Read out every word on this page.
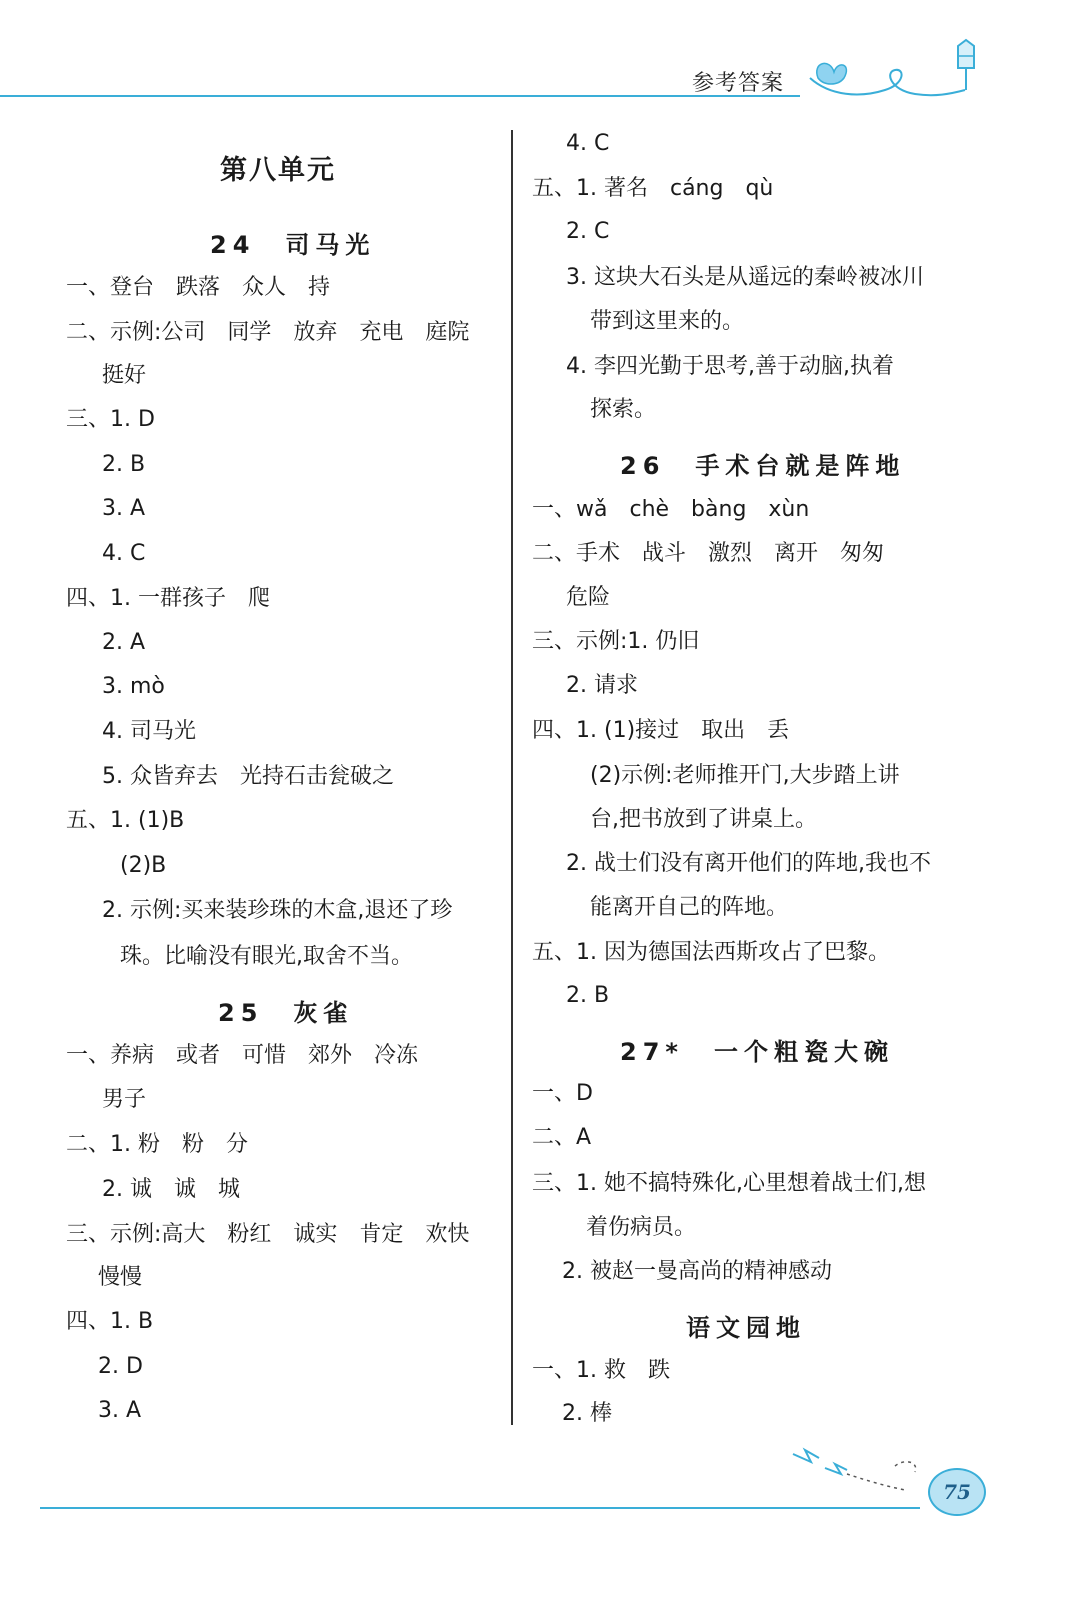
参考答案
第八单元
24　司马光
一、登台　跌落　众人　持
二、示例:公司　同学　放弃　充电　庭院
挺好
三、1. D
2. B
3. A
4. C
四、1. 一群孩子　爬
2. A
3. mò
4. 司马光
5. 众皆弃去　光持石击瓮破之
五、1. (1)B
(2)B
2. 示例:买来装珍珠的木盒,退还了珍
珠。比喻没有眼光,取舍不当。
25　灰雀
一、养病　或者　可惜　郊外　冷冻
男子
二、1. 粉　粉　分
2. 诚　诚　城
三、示例:高大　粉红　诚实　肯定　欢快
慢慢
四、1. B
2. D
3. A
4. C
五、1. 著名　cáng　qù
2. C
3. 这块大石头是从遥远的秦岭被冰川
带到这里来的。
4. 李四光勤于思考,善于动脑,执着
探索。
26　手术台就是阵地
一、wǎ　chè　bàng　xùn
二、手术　战斗　激烈　离开　匆匆
危险
三、示例:1. 仍旧
2. 请求
四、1. (1)接过　取出　丢
(2)示例:老师推开门,大步踏上讲
台,把书放到了讲桌上。
2. 战士们没有离开他们的阵地,我也不
能离开自己的阵地。
五、1. 因为德国法西斯攻占了巴黎。
2. B
27*　一个粗瓷大碗
一、D
二、A
三、1. 她不搞特殊化,心里想着战士们,想
着伤病员。
2. 被赵一曼高尚的精神感动
语文园地
一、1. 救　跌
2. 棒
75
